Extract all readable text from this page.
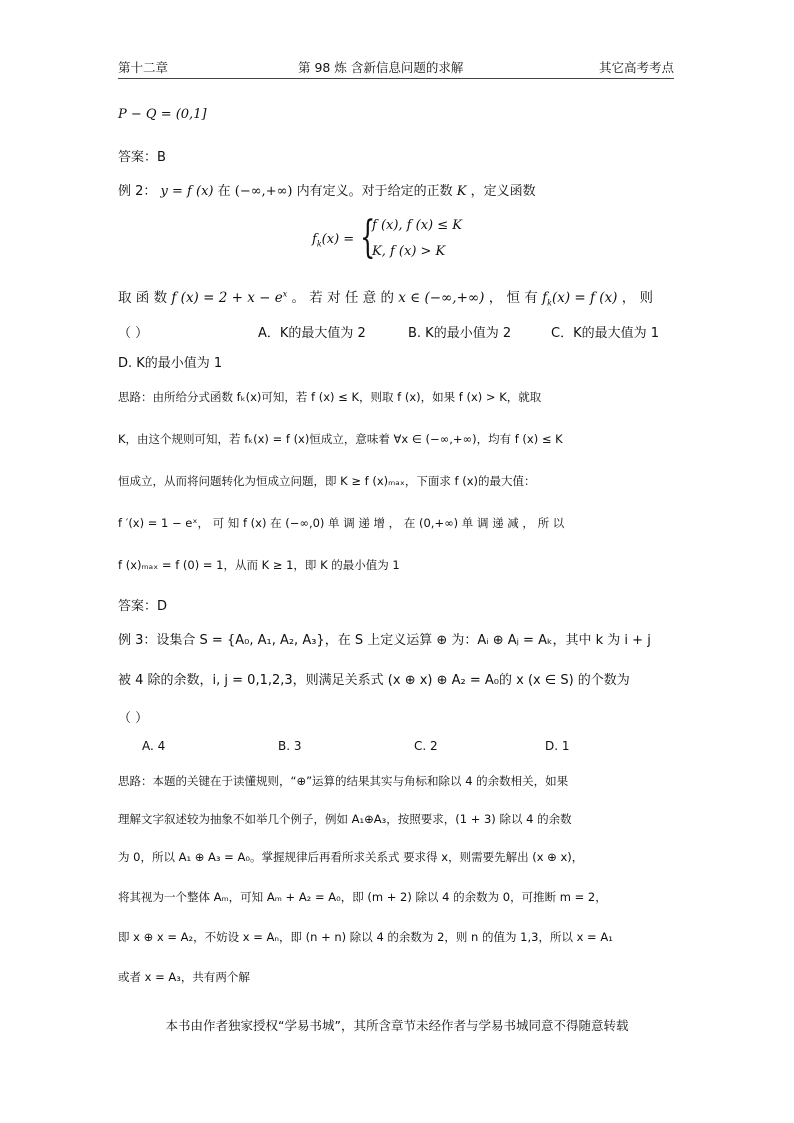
第十二章	第 98 炼 含新信息问题的求解	其它高考考点
P − Q = (0,1]
答案：B
例 2： y = f (x) 在 (−∞,+∞) 内有定义。对于给定的正数 K ，定义函数
$f_k(x)$ = {
f (x), f (x) ≤ K
K, f (x) > K
取 函 数 f $(x) = 2 + x - e^x$ 。 若 对 任 意 的 x ∈ (−∞,+∞) ， 恒 有 $f_k(x) = f$ (x) ， 则
（ ）	A．K的最大值为 2	B. K的最小值为 2	C．K的最大值为 1
D. K的最小值为 1
思路：由所给分式函数 fₖ(x)可知，若 f (x) ≤ K，则取 f (x)，如果 f (x) > K，就取
K，由这个规则可知，若 fₖ(x) = f (x)恒成立，意味着 ∀x ∈ (−∞,+∞)，均有 f (x) ≤ K
恒成立，从而将问题转化为恒成立问题，即 K ≥ f (x)ₘₐₓ，下面求 f (x)的最大值：
f ′(x) = 1 − eˣ， 可 知 f (x) 在 (−∞,0) 单 调 递 增 ， 在 (0,+∞) 单 调 递 减 ， 所 以
f (x)ₘₐₓ = f (0) = 1，从而 K ≥ 1，即 K 的最小值为 1
答案：D
例 3：设集合 S = {A₀, A₁, A₂, A₃}，在 S 上定义运算 ⊕ 为：Aᵢ ⊕ Aⱼ = Aₖ，其中 k 为 i + j
被 4 除的余数，i, j = 0,1,2,3，则满足关系式 (x ⊕ x) ⊕ A₂ = A₀的 x (x ∈ S) 的个数为
（ ）
A. 4	B. 3	C. 2	D. 1
思路：本题的关键在于读懂规则，“⊕”运算的结果其实与角标和除以 4 的余数相关，如果
理解文字叙述较为抽象不如举几个例子，例如 A₁⊕A₃，按照要求，(1 + 3) 除以 4 的余数
为 0，所以 A₁ ⊕ A₃ = A₀。掌握规律后再看所求关系式 要求得 x，则需要先解出 (x ⊕ x)，
将其视为一个整体 Aₘ，可知 Aₘ + A₂ = A₀，即 (m + 2) 除以 4 的余数为 0，可推断 m = 2，
即 x ⊕ x = A₂，不妨设 x = Aₙ，即 (n + n) 除以 4 的余数为 2，则 n 的值为 1,3，所以 x = A₁
或者 x = A₃，共有两个解
本书由作者独家授权“学易书城”，其所含章节未经作者与学易书城同意不得随意转载
